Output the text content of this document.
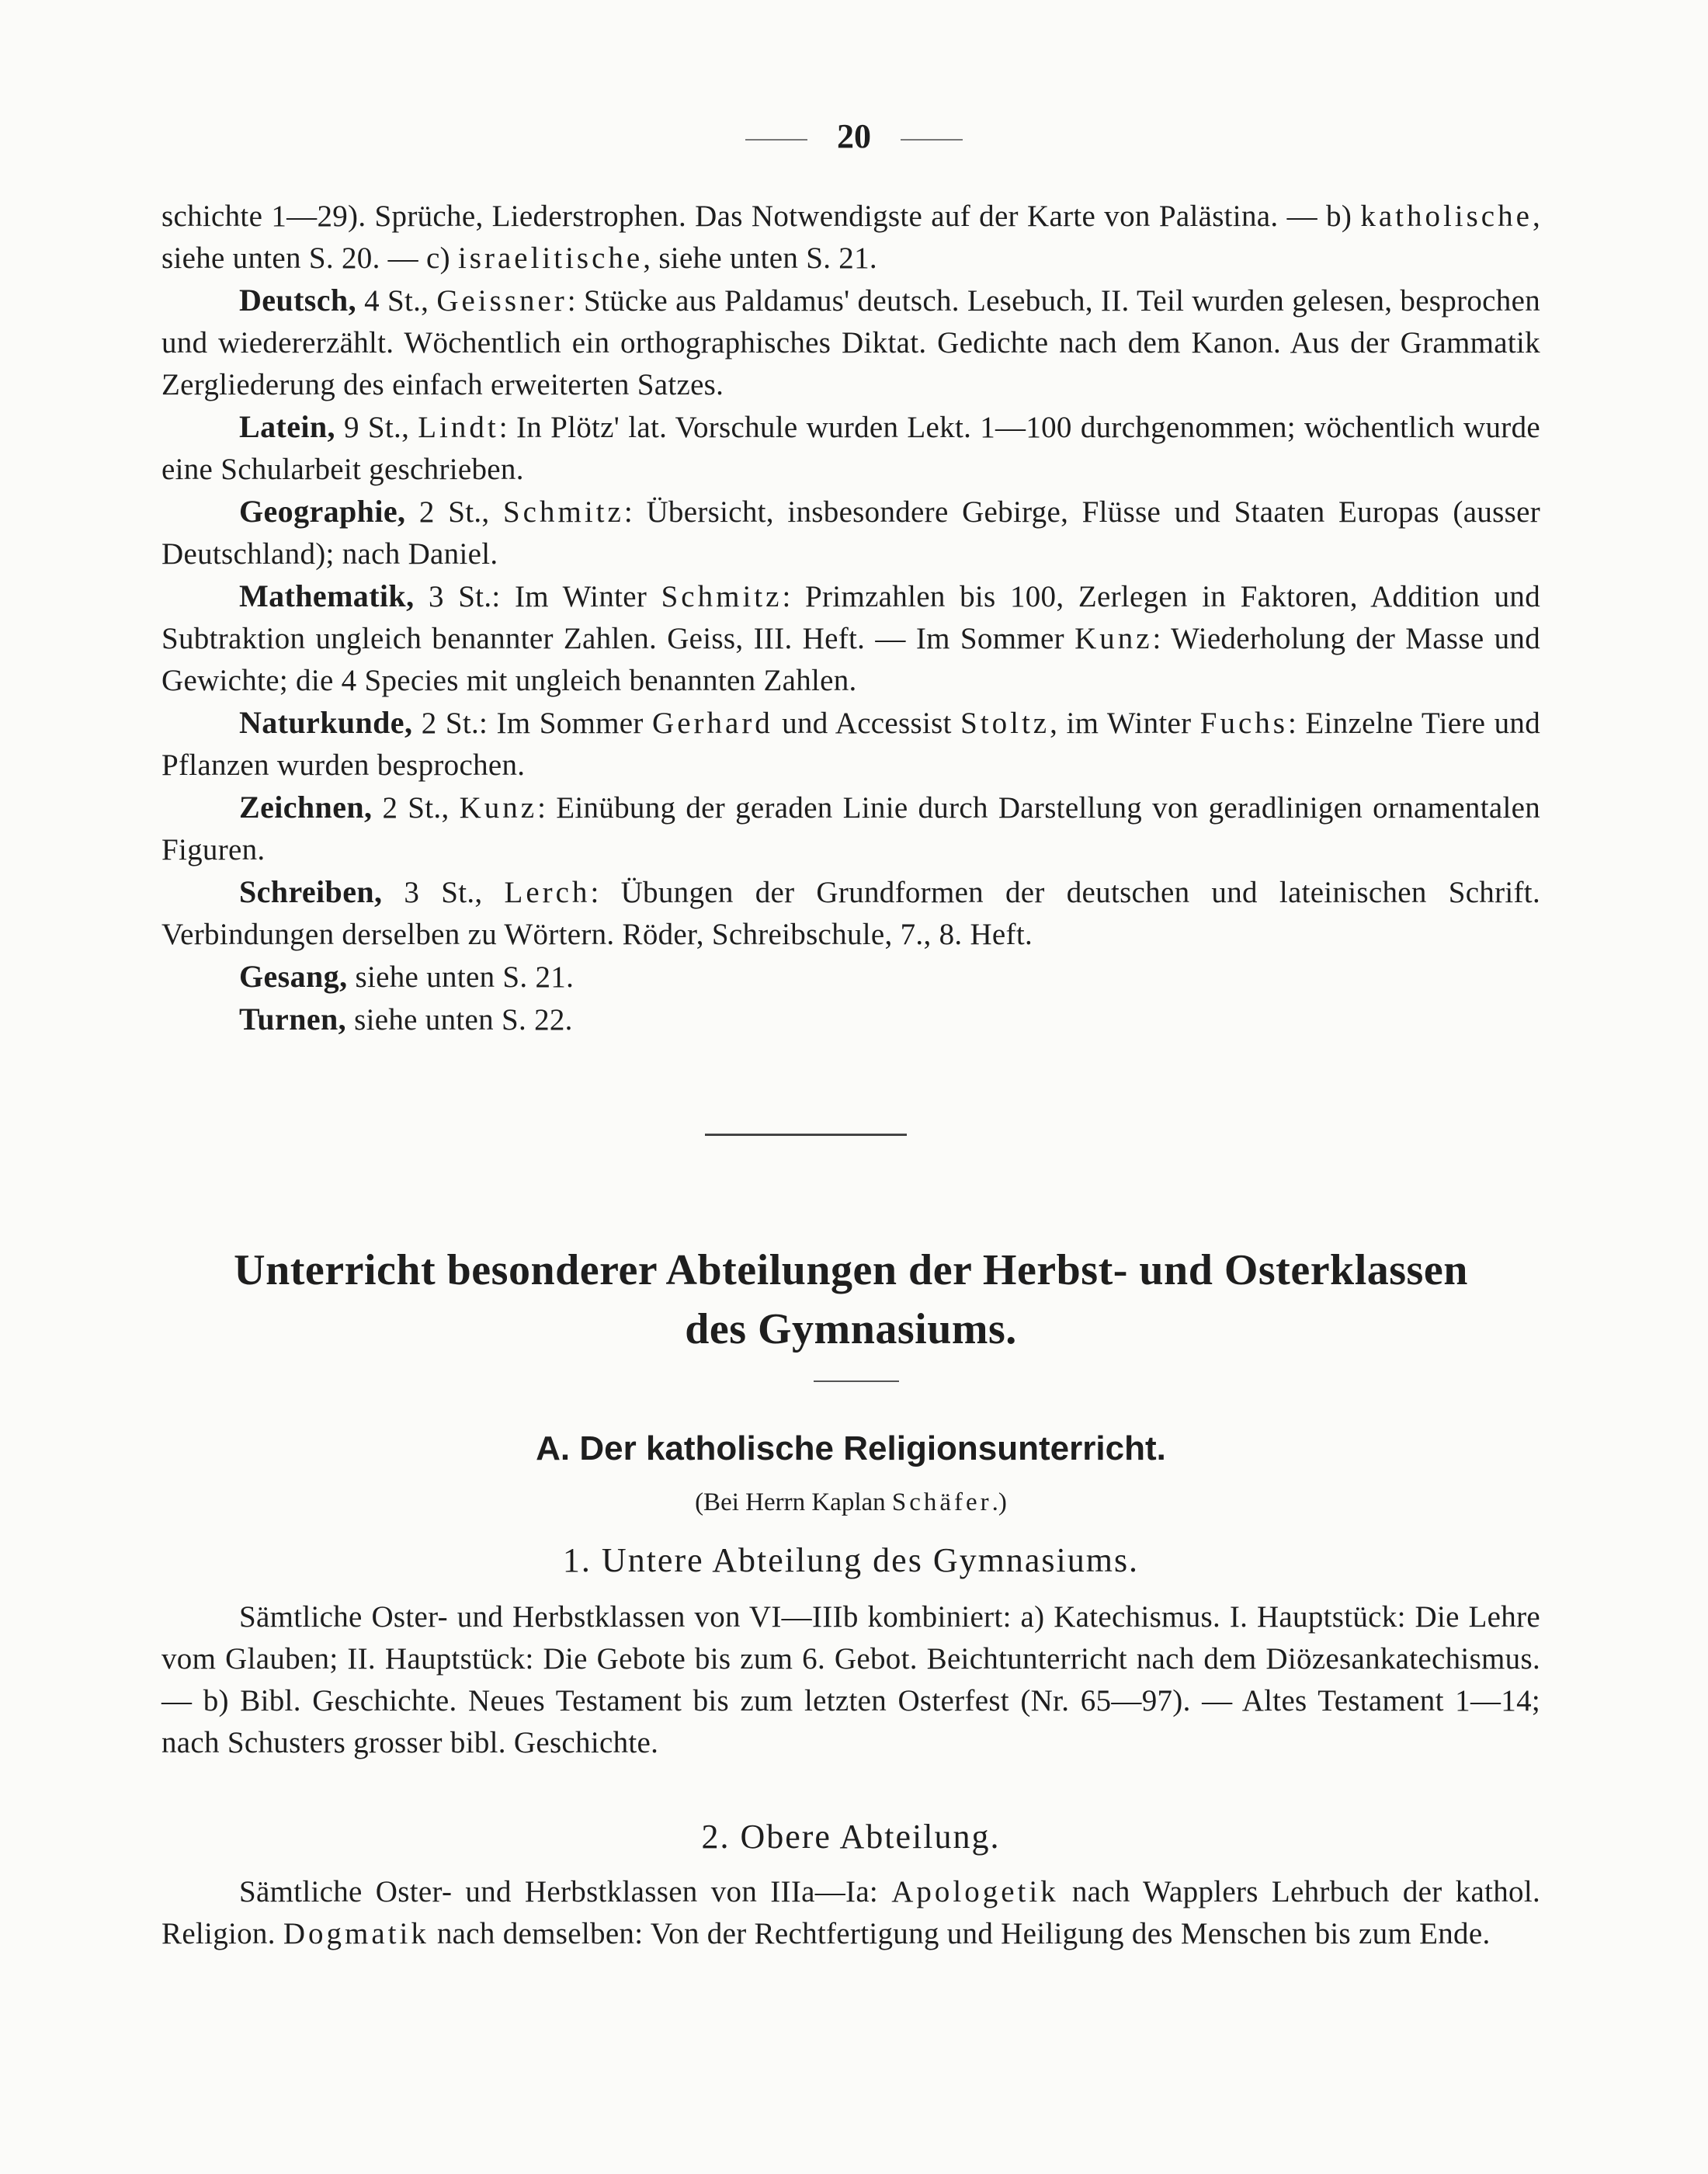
20

schichte 1—29). Sprüche, Liederstrophen. Das Notwendigste auf der Karte von Palästina. — b) katholische, siehe unten S. 20. — c) israelitische, siehe unten S. 21.

Deutsch, 4 St., Geissner: Stücke aus Paldamus' deutsch. Lesebuch, II. Teil wurden gelesen, besprochen und wiedererzählt. Wöchentlich ein orthographisches Diktat. Gedichte nach dem Kanon. Aus der Grammatik Zergliederung des einfach erweiterten Satzes.

Latein, 9 St., Lindt: In Plötz' lat. Vorschule wurden Lekt. 1—100 durchgenommen; wöchentlich wurde eine Schularbeit geschrieben.

Geographie, 2 St., Schmitz: Übersicht, insbesondere Gebirge, Flüsse und Staaten Europas (ausser Deutschland); nach Daniel.

Mathematik, 3 St.: Im Winter Schmitz: Primzahlen bis 100, Zerlegen in Faktoren, Addition und Subtraktion ungleich benannter Zahlen. Geiss, III. Heft. — Im Sommer Kunz: Wiederholung der Masse und Gewichte; die 4 Species mit ungleich benannten Zahlen.

Naturkunde, 2 St.: Im Sommer Gerhard und Accessist Stoltz, im Winter Fuchs: Einzelne Tiere und Pflanzen wurden besprochen.

Zeichnen, 2 St., Kunz: Einübung der geraden Linie durch Darstellung von geradlinigen ornamentalen Figuren.

Schreiben, 3 St., Lerch: Übungen der Grundformen der deutschen und lateinischen Schrift. Verbindungen derselben zu Wörtern. Röder, Schreibschule, 7., 8. Heft.

Gesang, siehe unten S. 21.

Turnen, siehe unten S. 22.

Unterricht besonderer Abteilungen der Herbst- und Osterklassen
des Gymnasiums.
A. Der katholische Religionsunterricht.
(Bei Herrn Kaplan Schäfer.)
1. Untere Abteilung des Gymnasiums.

Sämtliche Oster- und Herbstklassen von VI—IIIb kombiniert: a) Katechismus. I. Hauptstück: Die Lehre vom Glauben; II. Hauptstück: Die Gebote bis zum 6. Gebot. Beichtunterricht nach dem Diözesankatechismus. — b) Bibl. Geschichte. Neues Testament bis zum letzten Osterfest (Nr. 65—97). — Altes Testament 1—14; nach Schusters grosser bibl. Geschichte.

2. Obere Abteilung.

Sämtliche Oster- und Herbstklassen von IIIa—Ia: Apologetik nach Wapplers Lehrbuch der kathol. Religion. Dogmatik nach demselben: Von der Rechtfertigung und Heiligung des Menschen bis zum Ende.
